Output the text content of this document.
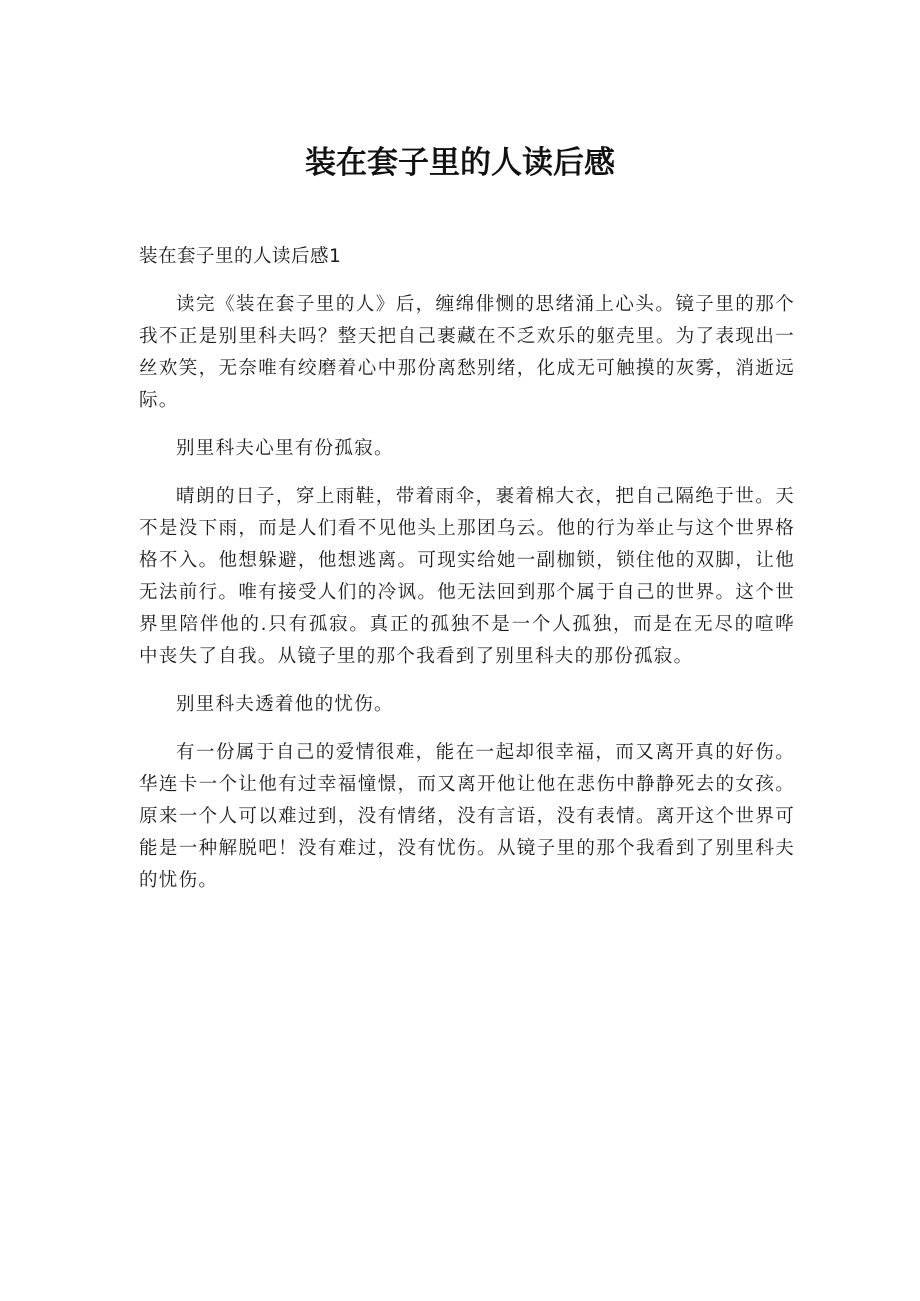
装在套子里的人读后感

装在套子里的人读后感1

读完《装在套子里的人》后，缠绵俳恻的思绪涌上心头。镜子里的那个我不正是别里科夫吗？整天把自己裹藏在不乏欢乐的躯壳里。为了表现出一丝欢笑，无奈唯有绞磨着心中那份离愁别绪，化成无可触摸的灰雾，消逝远际。

别里科夫心里有份孤寂。

晴朗的日子，穿上雨鞋，带着雨伞，裹着棉大衣，把自己隔绝于世。天不是没下雨，而是人们看不见他头上那团乌云。他的行为举止与这个世界格格不入。他想躲避，他想逃离。可现实给她一副枷锁，锁住他的双脚，让他无法前行。唯有接受人们的冷讽。他无法回到那个属于自己的世界。这个世界里陪伴他的.只有孤寂。真正的孤独不是一个人孤独，而是在无尽的喧哗中丧失了自我。从镜子里的那个我看到了别里科夫的那份孤寂。

别里科夫透着他的忧伤。

有一份属于自己的爱情很难，能在一起却很幸福，而又离开真的好伤。华连卡一个让他有过幸福憧憬，而又离开他让他在悲伤中静静死去的女孩。原来一个人可以难过到，没有情绪，没有言语，没有表情。离开这个世界可能是一种解脱吧！没有难过，没有忧伤。从镜子里的那个我看到了别里科夫的忧伤。
